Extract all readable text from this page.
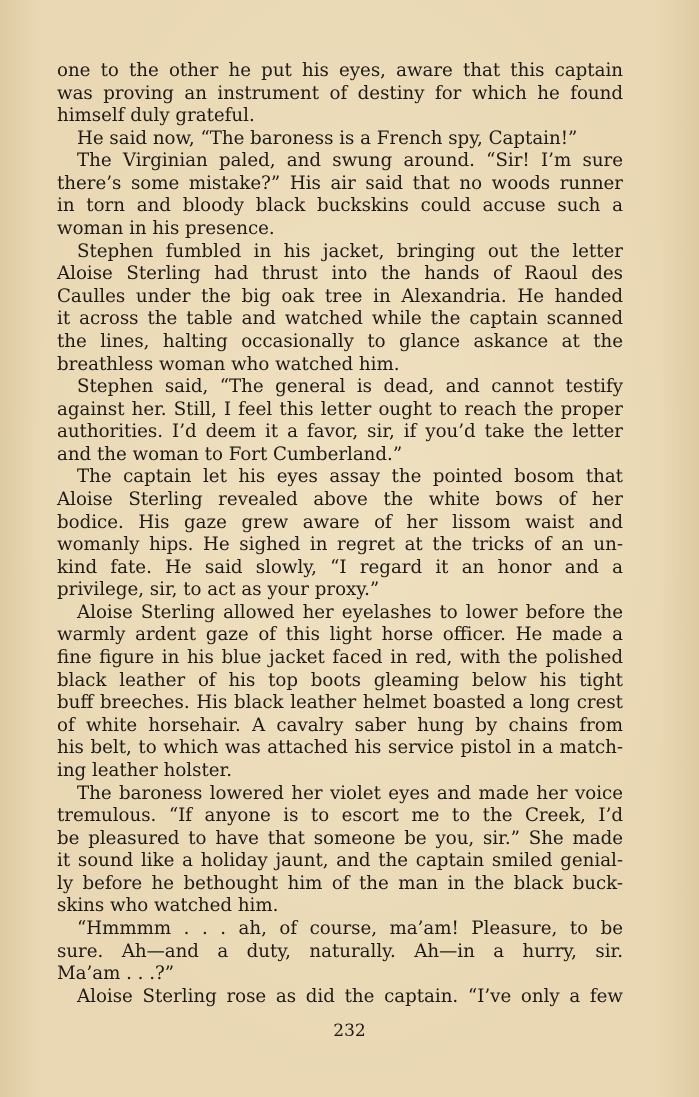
one to the other he put his eyes, aware that this captain
was proving an instrument of destiny for which he found
himself duly grateful.
He said now, “The baroness is a French spy, Captain!”
The Virginian paled, and swung around. “Sir! I’m sure
there’s some mistake?” His air said that no woods runner
in torn and bloody black buckskins could accuse such a
woman in his presence.
Stephen fumbled in his jacket, bringing out the letter
Aloise Sterling had thrust into the hands of Raoul des
Caulles under the big oak tree in Alexandria. He handed
it across the table and watched while the captain scanned
the lines, halting occasionally to glance askance at the
breathless woman who watched him.
Stephen said, “The general is dead, and cannot testify
against her. Still, I feel this letter ought to reach the proper
authorities. I’d deem it a favor, sir, if you’d take the letter
and the woman to Fort Cumberland.”
The captain let his eyes assay the pointed bosom that
Aloise Sterling revealed above the white bows of her
bodice. His gaze grew aware of her lissom waist and
womanly hips. He sighed in regret at the tricks of an un-
kind fate. He said slowly, “I regard it an honor and a
privilege, sir, to act as your proxy.”
Aloise Sterling allowed her eyelashes to lower before the
warmly ardent gaze of this light horse officer. He made a
fine figure in his blue jacket faced in red, with the polished
black leather of his top boots gleaming below his tight
buff breeches. His black leather helmet boasted a long crest
of white horsehair. A cavalry saber hung by chains from
his belt, to which was attached his service pistol in a match-
ing leather holster.
The baroness lowered her violet eyes and made her voice
tremulous. “If anyone is to escort me to the Creek, I’d
be pleasured to have that someone be you, sir.” She made
it sound like a holiday jaunt, and the captain smiled genial-
ly before he bethought him of the man in the black buck-
skins who watched him.
“Hmmmm . . . ah, of course, ma’am! Pleasure, to be
sure. Ah—and a duty, naturally. Ah—in a hurry, sir.
Ma’am . . .?”
Aloise Sterling rose as did the captain. “I’ve only a few
232
